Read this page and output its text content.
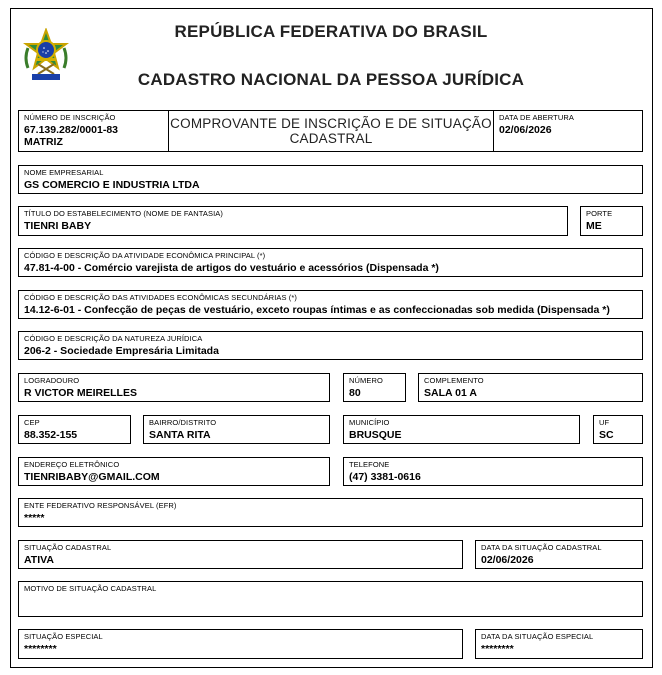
REPÚBLICA FEDERATIVA DO BRASIL
CADASTRO NACIONAL DA PESSOA JURÍDICA
NÚMERO DE INSCRIÇÃO
67.139.282/0001-83
MATRIZ
COMPROVANTE DE INSCRIÇÃO E DE SITUAÇÃO
CADASTRAL
DATA DE ABERTURA
02/06/2026
NOME EMPRESARIAL
GS COMERCIO E INDUSTRIA LTDA
TÍTULO DO ESTABELECIMENTO (NOME DE FANTASIA)
TIENRI BABY
PORTE
ME
CÓDIGO E DESCRIÇÃO DA ATIVIDADE ECONÔMICA PRINCIPAL (*)
47.81-4-00 - Comércio varejista de artigos do vestuário e acessórios (Dispensada *)
CÓDIGO E DESCRIÇÃO DAS ATIVIDADES ECONÔMICAS SECUNDÁRIAS (*)
14.12-6-01 - Confecção de peças de vestuário, exceto roupas íntimas e as confeccionadas sob medida (Dispensada *)
CÓDIGO E DESCRIÇÃO DA NATUREZA JURÍDICA
206-2 - Sociedade Empresária Limitada
LOGRADOURO
R VICTOR MEIRELLES
NÚMERO
80
COMPLEMENTO
SALA 01 A
CEP
88.352-155
BAIRRO/DISTRITO
SANTA RITA
MUNICÍPIO
BRUSQUE
UF
SC
ENDEREÇO ELETRÔNICO
TIENRIBABY@GMAIL.COM
TELEFONE
(47) 3381-0616
ENTE FEDERATIVO RESPONSÁVEL (EFR)
*****
SITUAÇÃO CADASTRAL
ATIVA
DATA DA SITUAÇÃO CADASTRAL
02/06/2026
MOTIVO DE SITUAÇÃO CADASTRAL
SITUAÇÃO ESPECIAL
********
DATA DA SITUAÇÃO ESPECIAL
********
